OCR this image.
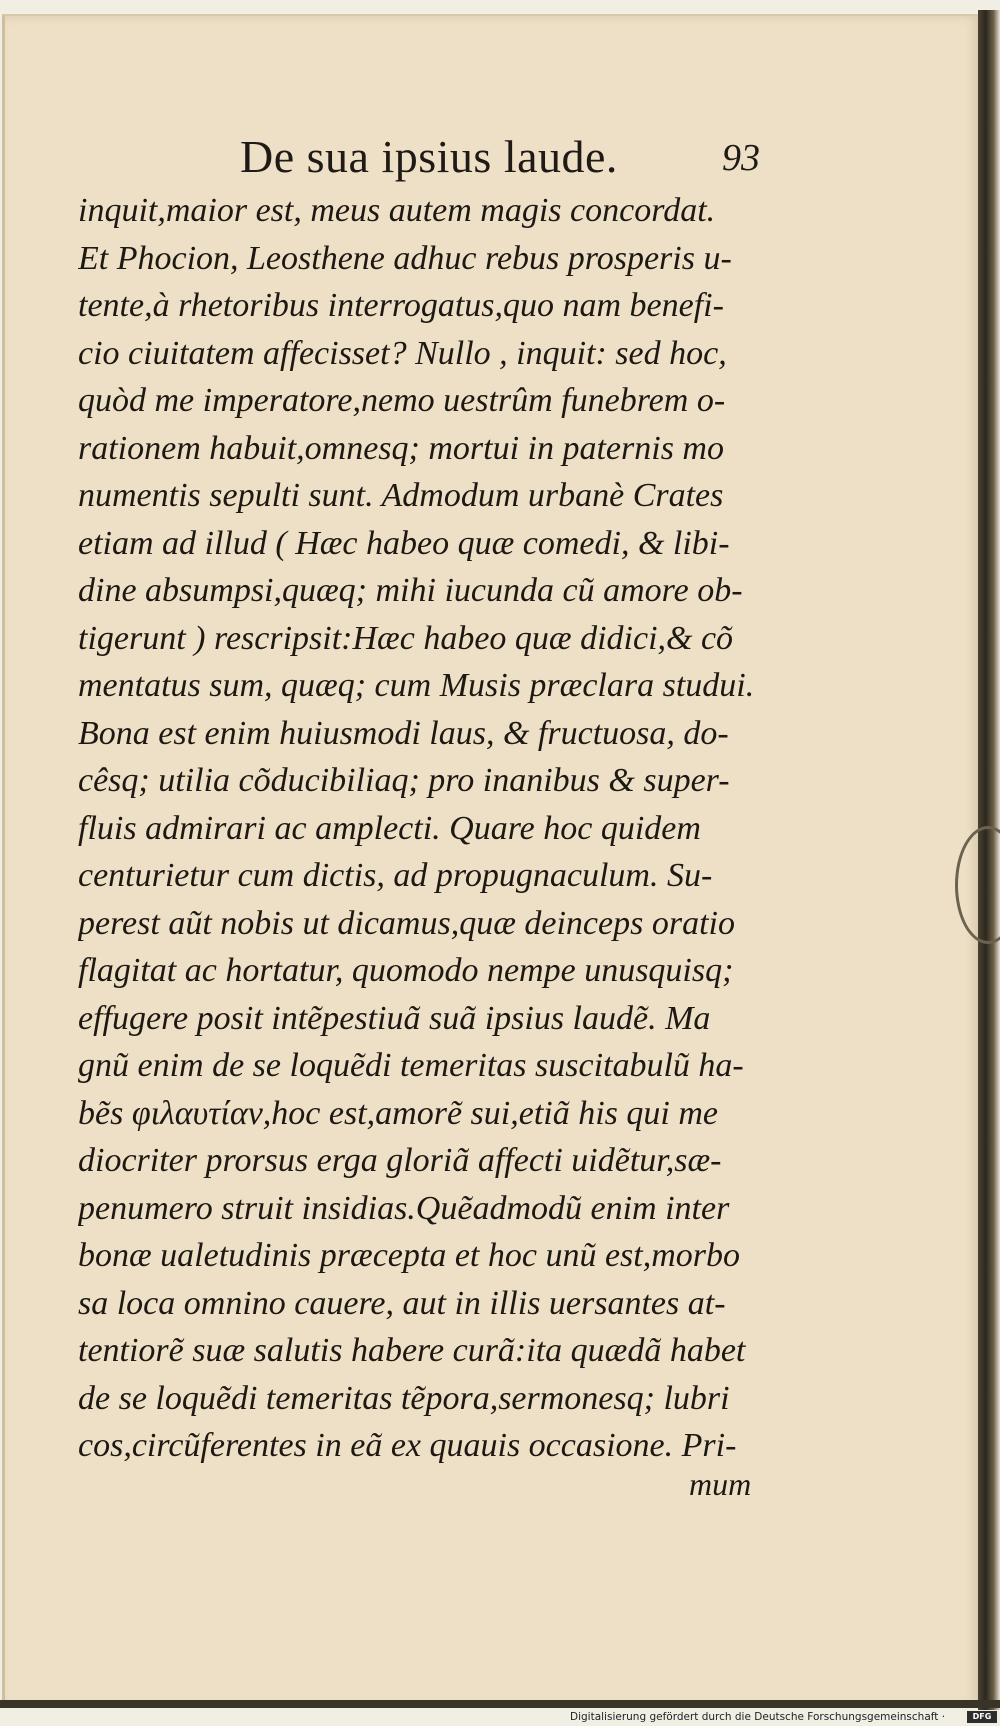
De sua ipsius laude.	93
inquit,maior est, meus autem magis concordat.
Et Phocion, Leosthene adhuc rebus prosperis u-
tente,à rhetoribus interrogatus,quo nam benefi-
cio ciuitatem affecisset? Nullo , inquit: sed hoc,
quòd me imperatore,nemo uestrûm funebrem o-
rationem habuit,omnesq; mortui in paternis mo
numentis sepulti sunt. Admodum urbanè Crates
etiam ad illud ( Hæc habeo quæ comedi, & libi-
dine absumpsi,quæq; mihi iucunda cũ amore ob-
tigerunt ) rescripsit:Hæc habeo quæ didici,& cõ
mentatus sum, quæq; cum Musis præclara studui.
Bona est enim huiusmodi laus, & fructuosa, do-
cêsq; utilia cõducibiliaq; pro inanibus & super-
fluis admirari ac amplecti. Quare hoc quidem
centurietur cum dictis, ad propugnaculum. Su-
perest aũt nobis ut dicamus,quæ deinceps oratio
flagitat ac hortatur, quomodo nempe unusquisq;
effugere posit intẽpestiuã suã ipsius laudẽ. Ma
gnũ enim de se loquẽdi temeritas suscitabulũ ha-
bẽs φιλαυτίαν,hoc est,amorẽ sui,etiã his qui me
diocriter prorsus erga gloriã affecti uidẽtur,sæ-
penumero struit insidias.Quẽadmodũ enim inter
bonæ ualetudinis præcepta et hoc unũ est,morbo
sa loca omnino cauere, aut in illis uersantes at-
tentiorẽ suæ salutis habere curã:ita quædã habet
de se loquẽdi temeritas tẽpora,sermonesq; lubri
cos,circũferentes in eã ex quauis occasione. Pri-
mum
Digitalisierung gefördert durch die Deutsche Forschungsgemeinschaft ·	DFG
